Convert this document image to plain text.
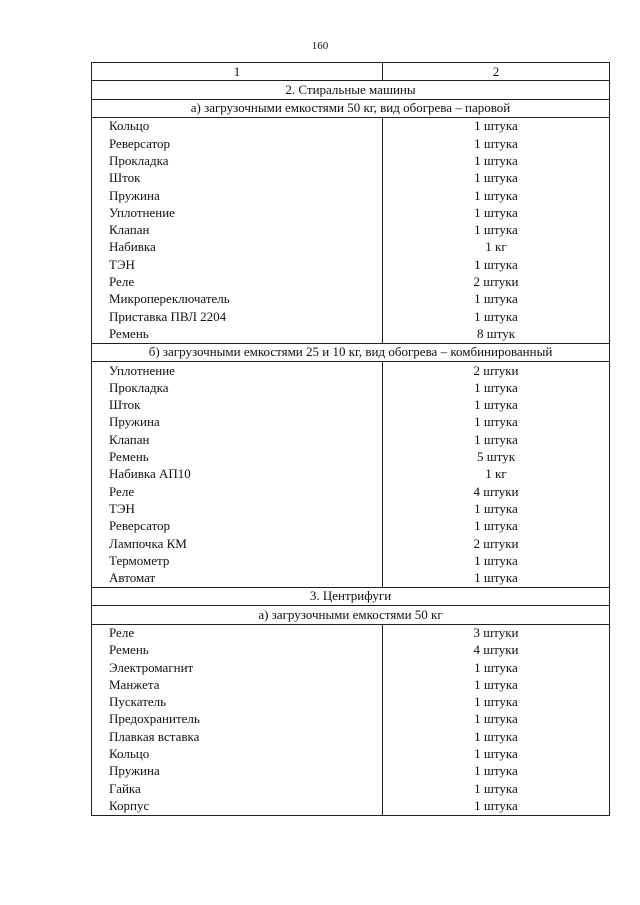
160
1	2
2. Стиральные машины	
а) загрузочными емкостями 50 кг, вид обогрева – паровой	
Кольцо	1 штука
Реверсатор	1 штука
Прокладка	1 штука
Шток	1 штука
Пружина	1 штука
Уплотнение	1 штука
Клапан	1 штука
Набивка	1 кг
ТЭН	1 штука
Реле	2 штуки
Микропереключатель	1 штука
Приставка ПВЛ 2204	1 штука
Ремень	8 штук
б) загрузочными емкостями 25 и 10 кг, вид обогрева – комбинированный	
Уплотнение	2 штуки
Прокладка	1 штука
Шток	1 штука
Пружина	1 штука
Клапан	1 штука
Ремень	5 штук
Набивка АП10	1 кг
Реле	4 штуки
ТЭН	1 штука
Реверсатор	1 штука
Лампочка КМ	2 штуки
Термометр	1 штука
Автомат	1 штука
3. Центрифуги	
а) загрузочными емкостями 50 кг	
Реле	3 штуки
Ремень	4 штуки
Электромагнит	1 штука
Манжета	1 штука
Пускатель	1 штука
Предохранитель	1 штука
Плавкая вставка	1 штука
Кольцо	1 штука
Пружина	1 штука
Гайка	1 штука
Корпус	1 штука
